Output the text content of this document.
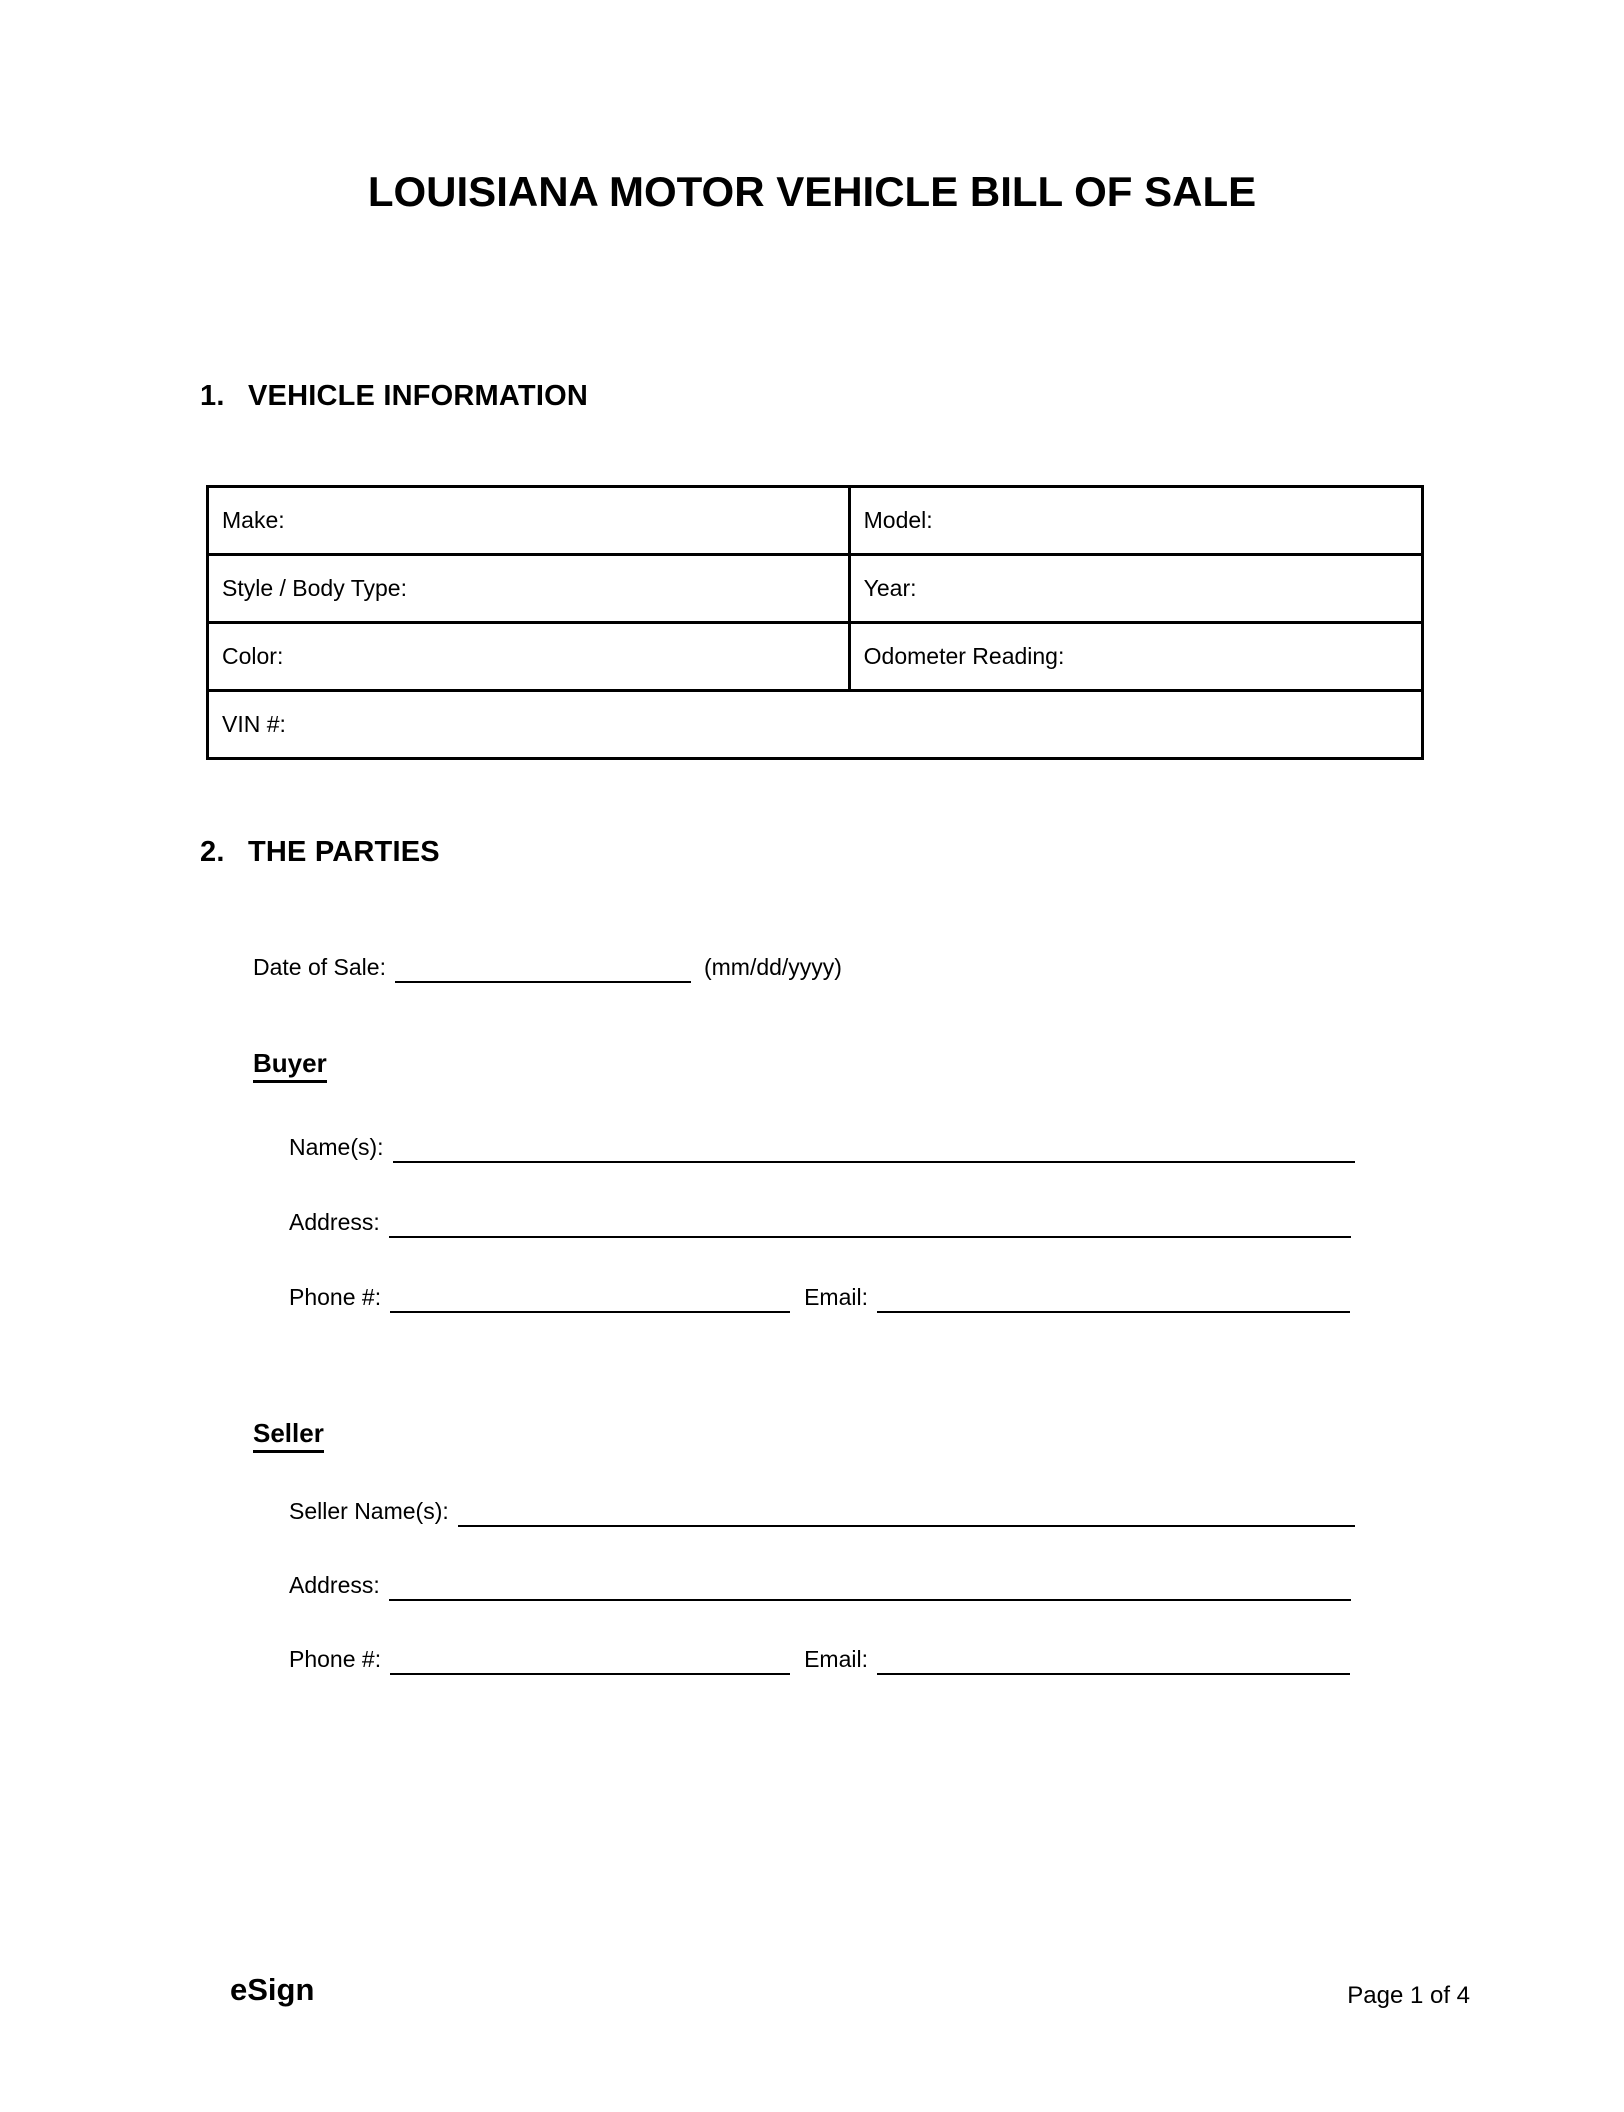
LOUISIANA MOTOR VEHICLE BILL OF SALE
1. VEHICLE INFORMATION
Make:	Model:
Style / Body Type:	Year:
Color:	Odometer Reading:
VIN #:	
2. THE PARTIES
Date of Sale:	(mm/dd/yyyy)
Buyer
Name(s):
Address:
Phone #:	Email:
Seller
Seller Name(s):
Address:
Phone #:	Email:
eSign	Page 1 of 4
